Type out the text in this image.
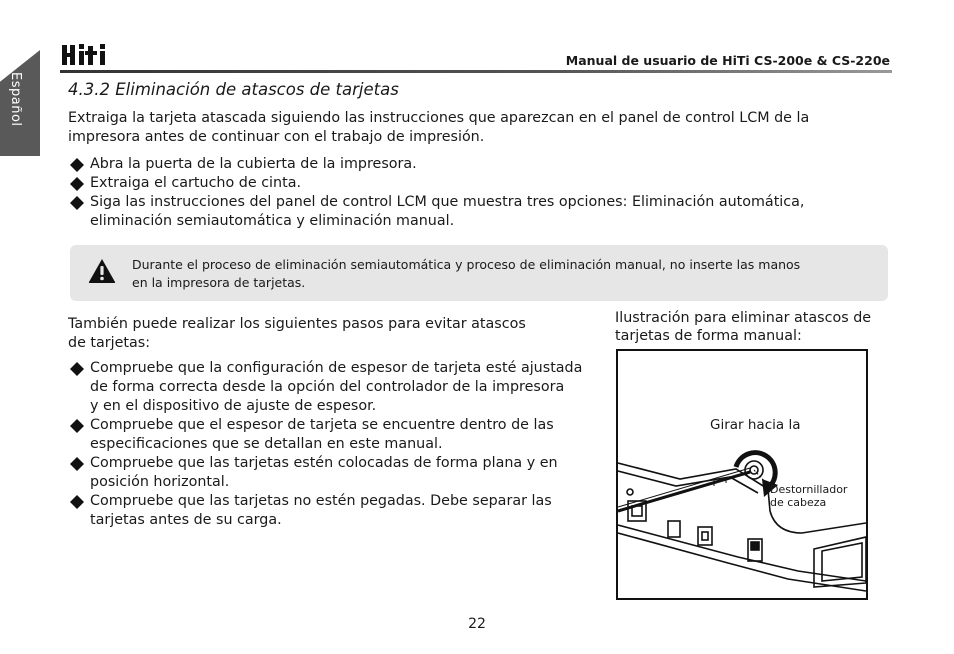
Español
hiti	Manual de usuario de HiTi CS-200e & CS-220e
4.3.2 Eliminación de atascos de tarjetas
Extraiga la tarjeta atascada siguiendo las instrucciones que aparezcan en el panel de control LCM de la
impresora antes de continuar con el trabajo de impresión.
Abra la puerta de la cubierta de la impresora.
Extraiga el cartucho de cinta.
Siga las instrucciones del panel de control LCM que muestra tres opciones: Eliminación automática,
eliminación semiautomática y eliminación manual.
Durante el proceso de eliminación semiautomática y proceso de eliminación manual, no inserte las manos
en la impresora de tarjetas.
También puede realizar los siguientes pasos para evitar atascos
de tarjetas:
Compruebe que la configuración de espesor de tarjeta esté ajustada
de forma correcta desde la opción del controlador de la impresora
y en el dispositivo de ajuste de espesor.
Compruebe que el espesor de tarjeta se encuentre dentro de las
especificaciones que se detallan en este manual.
Compruebe que las tarjetas estén colocadas de forma plana y en
posición horizontal.
Compruebe que las tarjetas no estén pegadas. Debe separar las
tarjetas antes de su carga.
Ilustración para eliminar atascos de
tarjetas de forma manual:
Girar hacia la
Destornillador
de cabeza
22
